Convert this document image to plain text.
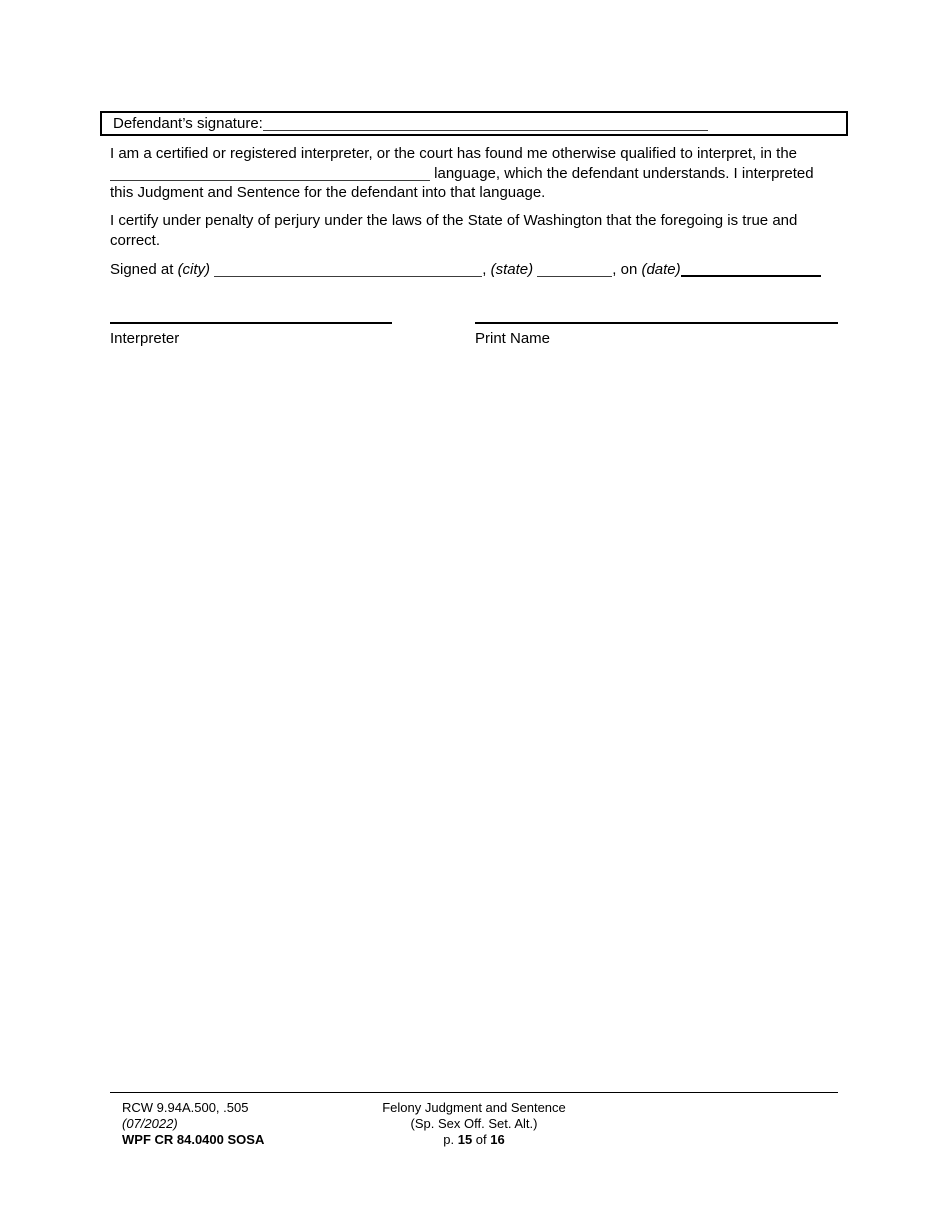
Defendant’s signature:

I am a certified or registered interpreter, or the court has found me otherwise qualified to interpret, in the  language, which the defendant understands. I interpreted this Judgment and Sentence for the defendant into that language.

I certify under penalty of perjury under the laws of the State of Washington that the foregoing is true and correct.

Signed at (city)	, (state)	, on (date)

Interpreter	Print Name
RCW 9.94A.500, .505
(07/2022)
WPF CR 84.0400 SOSA
Felony Judgment and Sentence
(Sp. Sex Off. Set. Alt.)
p. 15 of 16
